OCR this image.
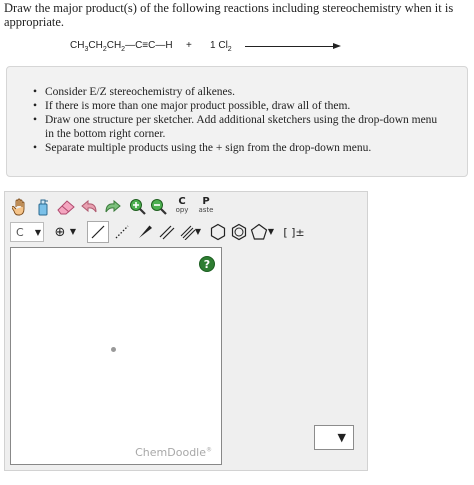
Draw the major product(s) of the following reactions including stereochemistry when it is appropriate.
$CH_3CH_2CH_2—C\equiv C—H + 1$ $Cl_2$
• Consider E/Z stereochemistry of alkenes.
• If there is more than one major product possible, draw all of them.
• Draw one structure per sketcher. Add additional sketchers using the drop-down menu in the bottom right corner.
• Separate multiple products using the + sign from the drop-down menu.
C
opy
P
aste
C	▼ ⊕ ▼	▼	▼ [ ]±
?
ChemDoodle®
▼
